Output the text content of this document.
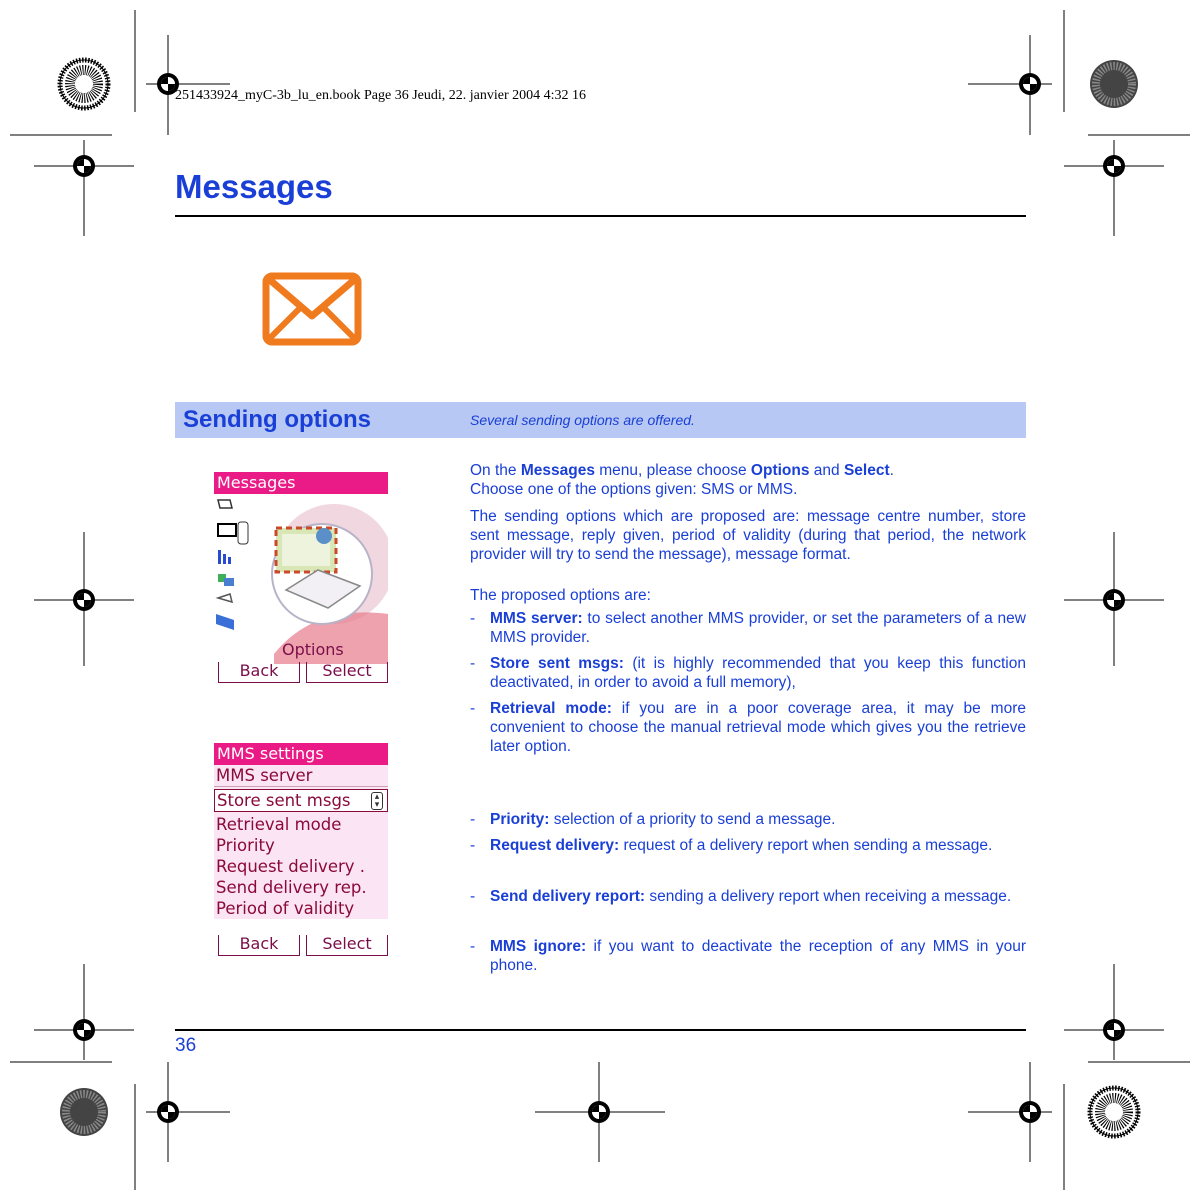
251433924_myC-3b_lu_en.book Page 36 Jeudi, 22. janvier 2004 4:32 16
Messages
Sending options	Several sending options are offered.
On the Messages menu, please choose Options and Select.
Choose one of the options given: SMS or MMS.
The sending options which are proposed are: message centre number, store sent message, reply given, period of validity (during that period, the network provider will try to send the message), message format.
The proposed options are:
- MMS server: to select another MMS provider, or set the parameters of a new MMS provider.
- Store sent msgs: (it is highly recommended that you keep this function deactivated, in order to avoid a full memory),
- Retrieval mode: if you are in a poor coverage area, it may be more convenient to choose the manual retrieval mode which gives you the retrieve later option.
- Priority: selection of a priority to send a message.
- Request delivery: request of a delivery report when sending a message.
- Send delivery report: sending a delivery report when receiving a message.
- MMS ignore: if you want to deactivate the reception of any MMS in your phone.
Messages
Options
Back	Select
MMS settings
MMS server
Store sent msgs	▴
▾
Retrieval mode
Priority
Request delivery .
Send delivery rep.
Period of validity
Back	Select
36
